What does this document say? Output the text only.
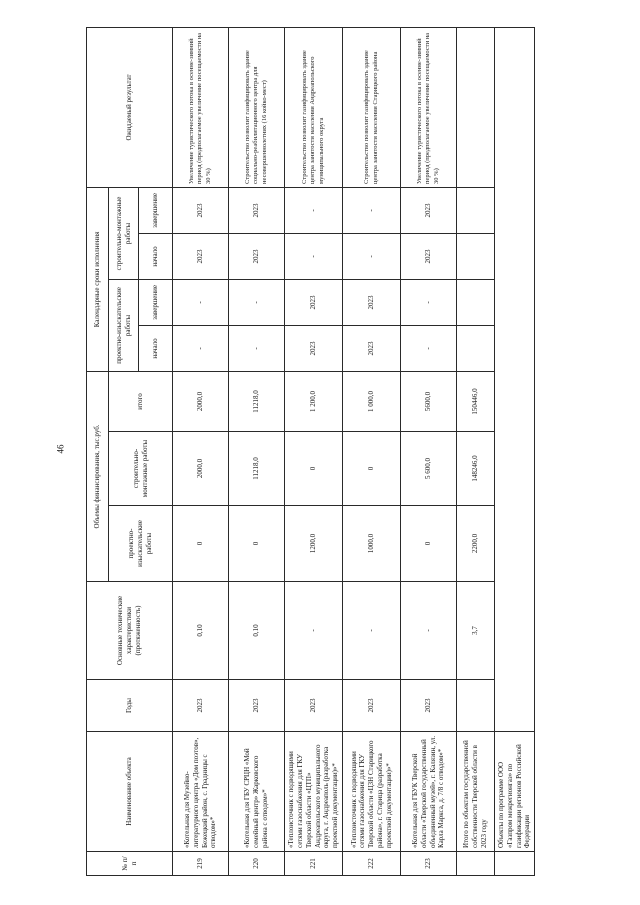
46
№ п/п	Наименование объекта	Годы	Основные технические характеристики (протяженность)	Объемы финансирования, тыс.руб.			Календарные сроки исполнения				Ожидаемый результат
				проектно-изыскательские работы	строительно-монтажные работы	итого	проектно-изыскательские работы		строительно-монтажные работы		
							начало	завершение	начало	завершение	
219	«Котельная для Музейно-литературного центра «Дом поэтов», Бежецкий район, с. Градницы с отводом»*	2023	0,10	0	2000,0	2000,0	-	-	2023	2023	Увеличение туристического потока в осенне-зимний период (предполагаемое увеличение посещаемости на 30 %)
220	«Котельная для ГБУ СРЦН «Мой семейный центр» Жарковского района с отводом»*	2023	0,10	0	11218,0	11218,0	-	-	2023	2023	Строительство позволит газифицировать здание социально-реабилитационного центра для несовершеннолетних (16 койко-мест)
221	«Теплоисточник с подводящими сетями газоснабжения для ГКУ Тверской области «ЦТП» Андреапольского муниципального округа, г. Андреаполь (разработка проектной документации)»*	2023	-	1200,0	0	1 200,0	2023	2023	-	-	Строительство позволит газифицировать здание центра занятости населения Андреапольского муниципального округа
222	«Теплоисточник с подводящими сетями газоснабжения для ГКУ Тверской области «ЦЗН Старицкого района», г. Старица (разработка проектной документации)»*	2023	-	1000,0	0	1 000,0	2023	2023	-	-	Строительство позволит газифицировать здание центра занятости населения Старицкого района
223	«Котельная для ГБУК Тверской области «Тверской государственный объединенный музей», г. Калязин, ул. Карла Маркса, д. 7/8 с отводом»*	2023	-	0	5 600,0	5600,0	-	-	2023	2023	Увеличение туристического потока в осенне-зимний период (предполагаемое увеличение посещаемости на 30 %)
	Итого по объектам государственной собственности Тверской области в 2023 году		3,7	2200,0	148246,0	150446,0					
	Объекты по программе ООО «Газпром межрегионгаз» по газификации регионов Российской Федерации										
